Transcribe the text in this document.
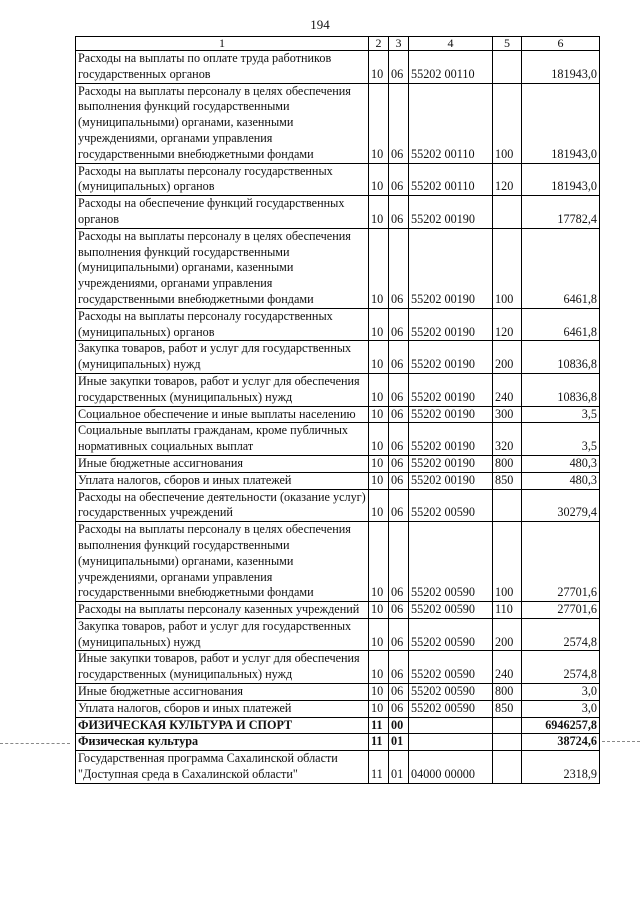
194
1	2	3	4	5	6
Расходы на выплаты по оплате труда работников государственных органов	10	06	55202 00110		181943,0
Расходы на выплаты персоналу в целях обеспечения выполнения функций государственными (муниципальными) органами, казенными учреждениями, органами управления государственными внебюджетными фондами	10	06	55202 00110	100	181943,0
Расходы на выплаты персоналу государственных (муниципальных) органов	10	06	55202 00110	120	181943,0
Расходы на обеспечение функций государственных органов	10	06	55202 00190		17782,4
Расходы на выплаты персоналу в целях обеспечения выполнения функций государственными (муниципальными) органами, казенными учреждениями, органами управления государственными внебюджетными фондами	10	06	55202 00190	100	6461,8
Расходы на выплаты персоналу государственных (муниципальных) органов	10	06	55202 00190	120	6461,8
Закупка товаров, работ и услуг для государственных (муниципальных) нужд	10	06	55202 00190	200	10836,8
Иные закупки товаров, работ и услуг для обеспечения государственных (муниципальных) нужд	10	06	55202 00190	240	10836,8
Социальное обеспечение и иные выплаты населению	10	06	55202 00190	300	3,5
Социальные выплаты гражданам, кроме публичных нормативных социальных выплат	10	06	55202 00190	320	3,5
Иные бюджетные ассигнования	10	06	55202 00190	800	480,3
Уплата налогов, сборов и иных платежей	10	06	55202 00190	850	480,3
Расходы на обеспечение деятельности (оказание услуг) государственных учреждений	10	06	55202 00590		30279,4
Расходы на выплаты персоналу в целях обеспечения выполнения функций государственными (муниципальными) органами, казенными учреждениями, органами управления государственными внебюджетными фондами	10	06	55202 00590	100	27701,6
Расходы на выплаты персоналу казенных учреждений	10	06	55202 00590	110	27701,6
Закупка товаров, работ и услуг для государственных (муниципальных) нужд	10	06	55202 00590	200	2574,8
Иные закупки товаров, работ и услуг для обеспечения государственных (муниципальных) нужд	10	06	55202 00590	240	2574,8
Иные бюджетные ассигнования	10	06	55202 00590	800	3,0
Уплата налогов, сборов и иных платежей	10	06	55202 00590	850	3,0
ФИЗИЧЕСКАЯ КУЛЬТУРА И СПОРТ	11	00			6946257,8
Физическая культура	11	01			38724,6
Государственная программа Сахалинской области "Доступная среда в Сахалинской области"	11	01	04000 00000		2318,9
